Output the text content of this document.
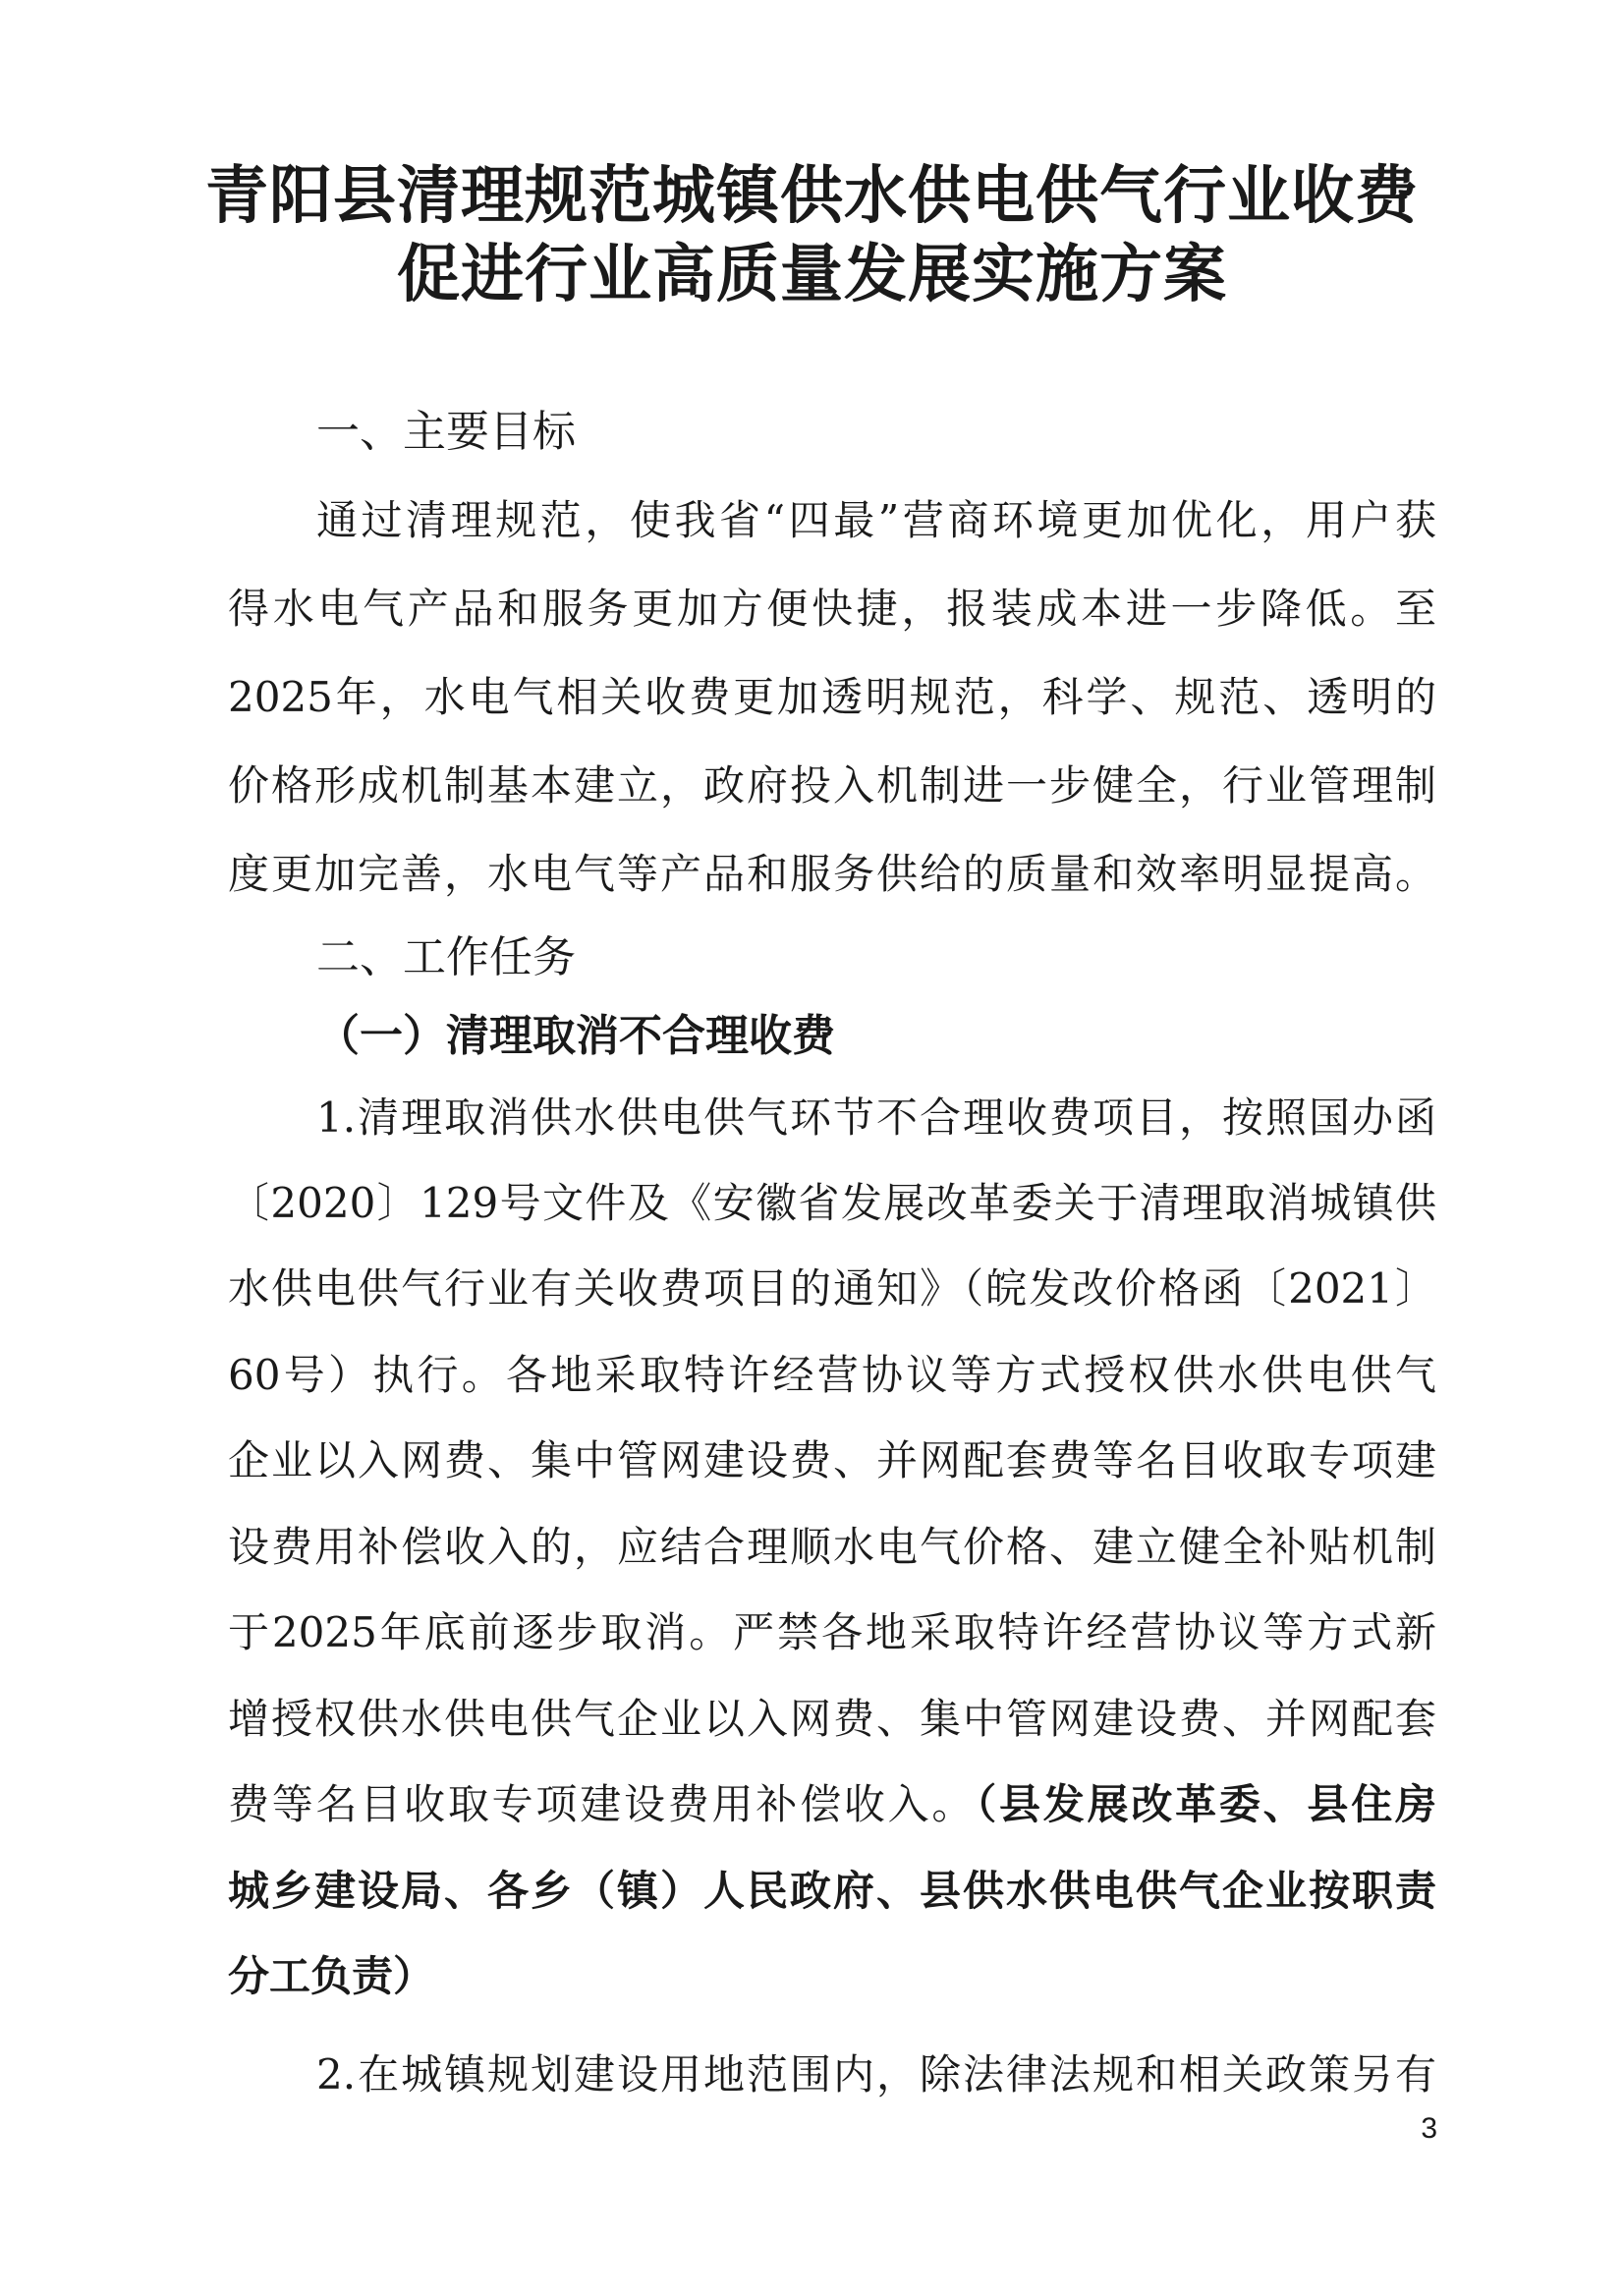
青阳县清理规范城镇供水供电供气行业收费
促进行业高质量发展实施方案
一、主要目标
通过清理规范，使我省“四最”营商环境更加优化，用户获
得水电气产品和服务更加方便快捷，报装成本进一步降低。至
2025年，水电气相关收费更加透明规范，科学、规范、透明的
价格形成机制基本建立，政府投入机制进一步健全，行业管理制
度更加完善，水电气等产品和服务供给的质量和效率明显提高。
二、工作任务
（一）清理取消不合理收费
1.清理取消供水供电供气环节不合理收费项目，按照国办函
〔2020〕129号文件及《安徽省发展改革委关于清理取消城镇供
水供电供气行业有关收费项目的通知》（皖发改价格函〔2021〕
60号）执行。各地采取特许经营协议等方式授权供水供电供气
企业以入网费、集中管网建设费、并网配套费等名目收取专项建
设费用补偿收入的，应结合理顺水电气价格、建立健全补贴机制
于2025年底前逐步取消。严禁各地采取特许经营协议等方式新
增授权供水供电供气企业以入网费、集中管网建设费、并网配套
费等名目收取专项建设费用补偿收入。（县发展改革委、县住房
城乡建设局、各乡（镇）人民政府、县供水供电供气企业按职责
分工负责）
2.在城镇规划建设用地范围内，除法律法规和相关政策另有
3
